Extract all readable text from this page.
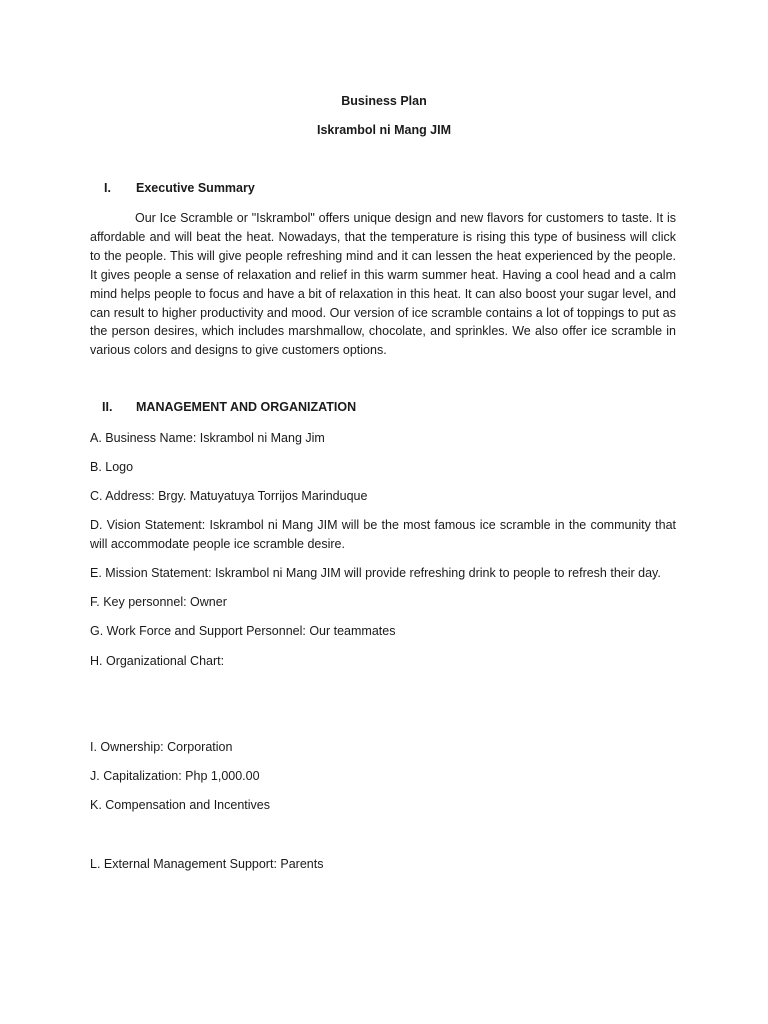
Business Plan
Iskrambol ni Mang JIM
I. Executive Summary
Our Ice Scramble or "Iskrambol" offers unique design and new flavors for customers to taste. It is affordable and will beat the heat. Nowadays, that the temperature is rising this type of business will click to the people. This will give people refreshing mind and it can lessen the heat experienced by the people. It gives people a sense of relaxation and relief in this warm summer heat. Having a cool head and a calm mind helps people to focus and have a bit of relaxation in this heat. It can also boost your sugar level, and can result to higher productivity and mood. Our version of ice scramble contains a lot of toppings to put as the person desires, which includes marshmallow, chocolate, and sprinkles. We also offer ice scramble in various colors and designs to give customers options.
II. MANAGEMENT AND ORGANIZATION
A. Business Name: Iskrambol ni Mang Jim
B. Logo
C. Address: Brgy. Matuyatuya Torrijos Marinduque
D. Vision Statement: Iskrambol ni Mang JIM will be the most famous ice scramble in the community that will accommodate people ice scramble desire.
E. Mission Statement: Iskrambol ni Mang JIM will provide refreshing drink to people to refresh their day.
F. Key personnel: Owner
G. Work Force and Support Personnel: Our teammates
H. Organizational Chart:
I. Ownership: Corporation
J. Capitalization: Php 1,000.00
K. Compensation and Incentives
L. External Management Support: Parents
